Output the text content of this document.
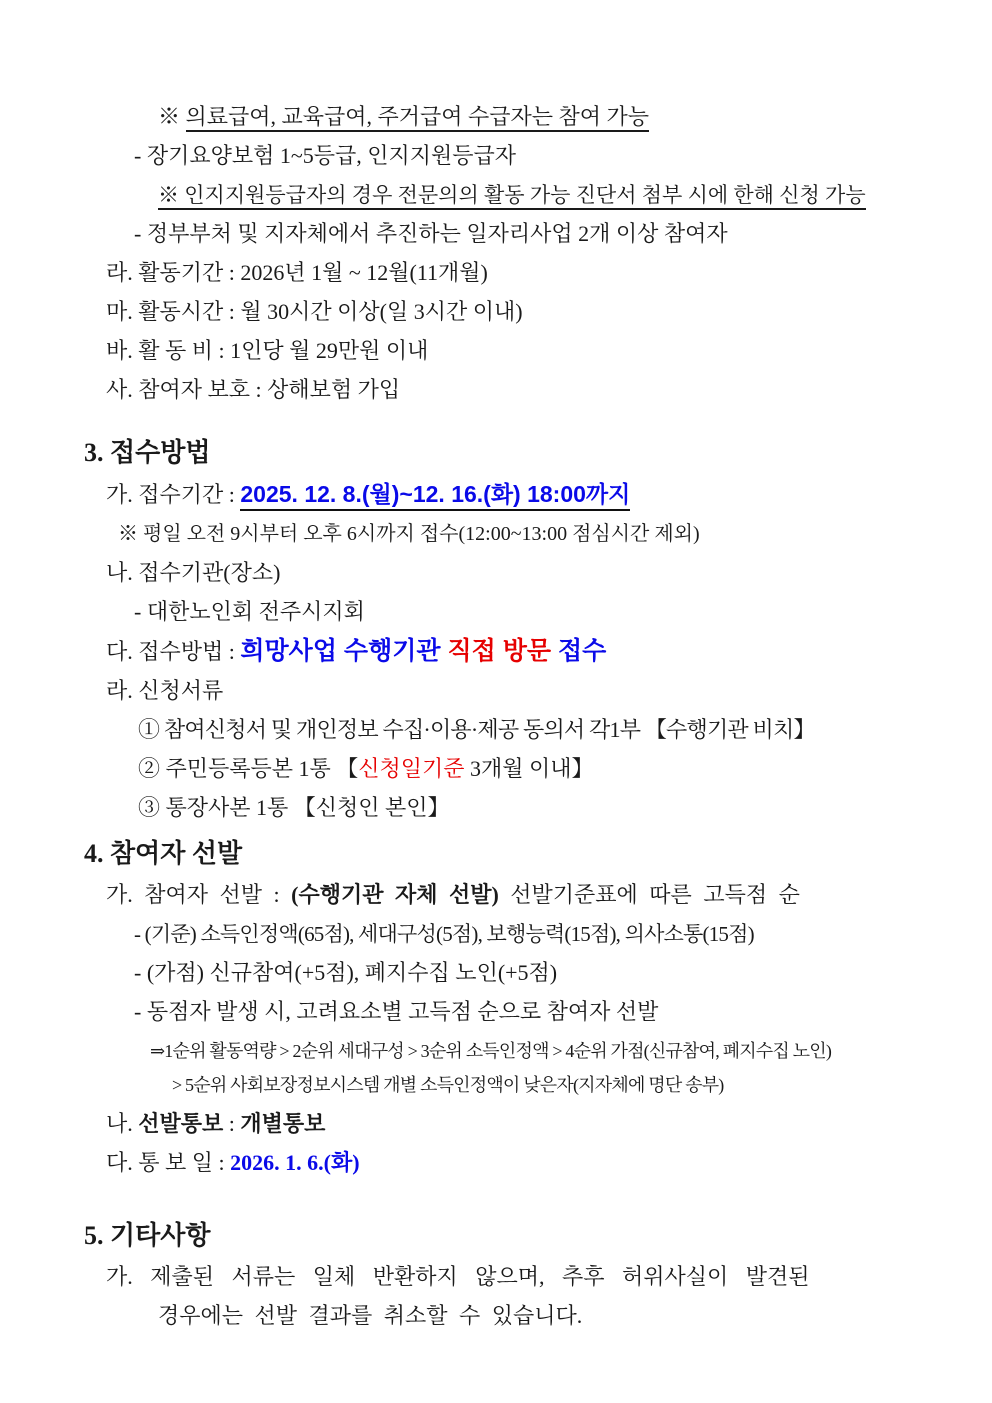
※ 의료급여, 교육급여, 주거급여 수급자는 참여 가능
- 장기요양보험 1~5등급, 인지지원등급자
※ 인지지원등급자의 경우 전문의의 활동 가능 진단서 첨부 시에 한해 신청 가능
- 정부부처 및 지자체에서 추진하는 일자리사업 2개 이상 참여자
라. 활동기간 : 2026년 1월 ~ 12월(11개월)
마. 활동시간 : 월 30시간 이상(일 3시간 이내)
바. 활 동 비 : 1인당 월 29만원 이내
사. 참여자 보호 : 상해보험 가입
3. 접수방법
가. 접수기간 : 2025. 12. 8.(월)~12. 16.(화) 18:00까지
※ 평일 오전 9시부터 오후 6시까지 접수(12:00~13:00 점심시간 제외)
나. 접수기관(장소)
- 대한노인회 전주시지회
다. 접수방법 : 희망사업 수행기관 직접 방문 접수
라. 신청서류
① 참여신청서 및 개인정보 수집·이용·제공 동의서 각1부 【수행기관 비치】
② 주민등록등본 1통 【신청일기준 3개월 이내】
③ 통장사본 1통 【신청인 본인】
4. 참여자 선발
가. 참여자 선발 : (수행기관 자체 선발) 선발기준표에 따른 고득점 순
- (기준) 소득인정액(65점), 세대구성(5점), 보행능력(15점), 의사소통(15점)
- (가점) 신규참여(+5점), 폐지수집 노인(+5점)
- 동점자 발생 시, 고려요소별 고득점 순으로 참여자 선발
⇒1순위 활동역량 > 2순위 세대구성 > 3순위 소득인정액 > 4순위 가점(신규참여, 폐지수집 노인)
> 5순위 사회보장정보시스템 개별 소득인정액이 낮은자(지자체에 명단 송부)
나. 선발통보 : 개별통보
다. 통 보 일 : 2026. 1. 6.(화)
5. 기타사항
가. 제출된 서류는 일체 반환하지 않으며, 추후 허위사실이 발견된
경우에는 선발 결과를 취소할 수 있습니다.
